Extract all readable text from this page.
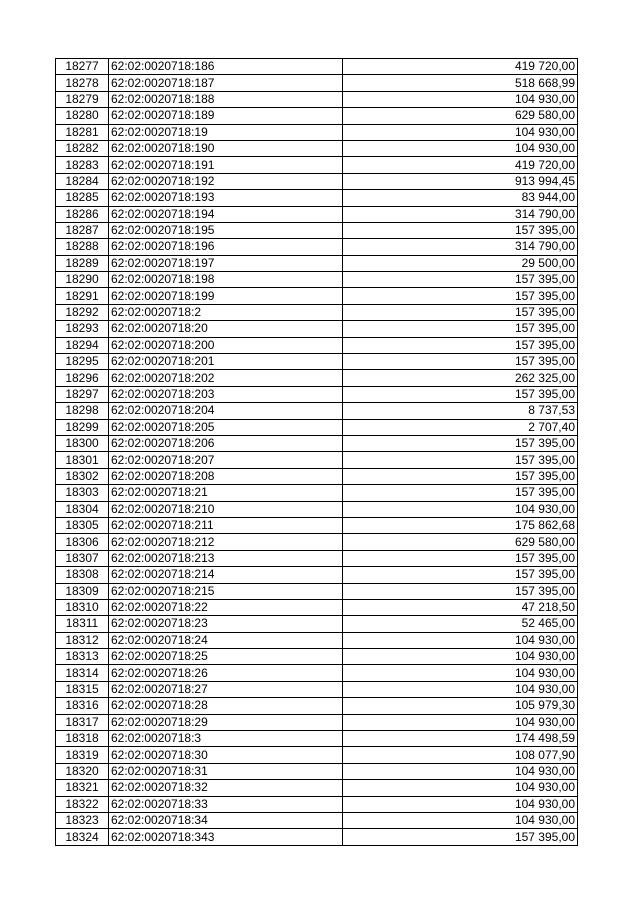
18277	62:02:0020718:186	419 720,00
18278	62:02:0020718:187	518 668,99
18279	62:02:0020718:188	104 930,00
18280	62:02:0020718:189	629 580,00
18281	62:02:0020718:19	104 930,00
18282	62:02:0020718:190	104 930,00
18283	62:02:0020718:191	419 720,00
18284	62:02:0020718:192	913 994,45
18285	62:02:0020718:193	83 944,00
18286	62:02:0020718:194	314 790,00
18287	62:02:0020718:195	157 395,00
18288	62:02:0020718:196	314 790,00
18289	62:02:0020718:197	29 500,00
18290	62:02:0020718:198	157 395,00
18291	62:02:0020718:199	157 395,00
18292	62:02:0020718:2	157 395,00
18293	62:02:0020718:20	157 395,00
18294	62:02:0020718:200	157 395,00
18295	62:02:0020718:201	157 395,00
18296	62:02:0020718:202	262 325,00
18297	62:02:0020718:203	157 395,00
18298	62:02:0020718:204	8 737,53
18299	62:02:0020718:205	2 707,40
18300	62:02:0020718:206	157 395,00
18301	62:02:0020718:207	157 395,00
18302	62:02:0020718:208	157 395,00
18303	62:02:0020718:21	157 395,00
18304	62:02:0020718:210	104 930,00
18305	62:02:0020718:211	175 862,68
18306	62:02:0020718:212	629 580,00
18307	62:02:0020718:213	157 395,00
18308	62:02:0020718:214	157 395,00
18309	62:02:0020718:215	157 395,00
18310	62:02:0020718:22	47 218,50
18311	62:02:0020718:23	52 465,00
18312	62:02:0020718:24	104 930,00
18313	62:02:0020718:25	104 930,00
18314	62:02:0020718:26	104 930,00
18315	62:02:0020718:27	104 930,00
18316	62:02:0020718:28	105 979,30
18317	62:02:0020718:29	104 930,00
18318	62:02:0020718:3	174 498,59
18319	62:02:0020718:30	108 077,90
18320	62:02:0020718:31	104 930,00
18321	62:02:0020718:32	104 930,00
18322	62:02:0020718:33	104 930,00
18323	62:02:0020718:34	104 930,00
18324	62:02:0020718:343	157 395,00
